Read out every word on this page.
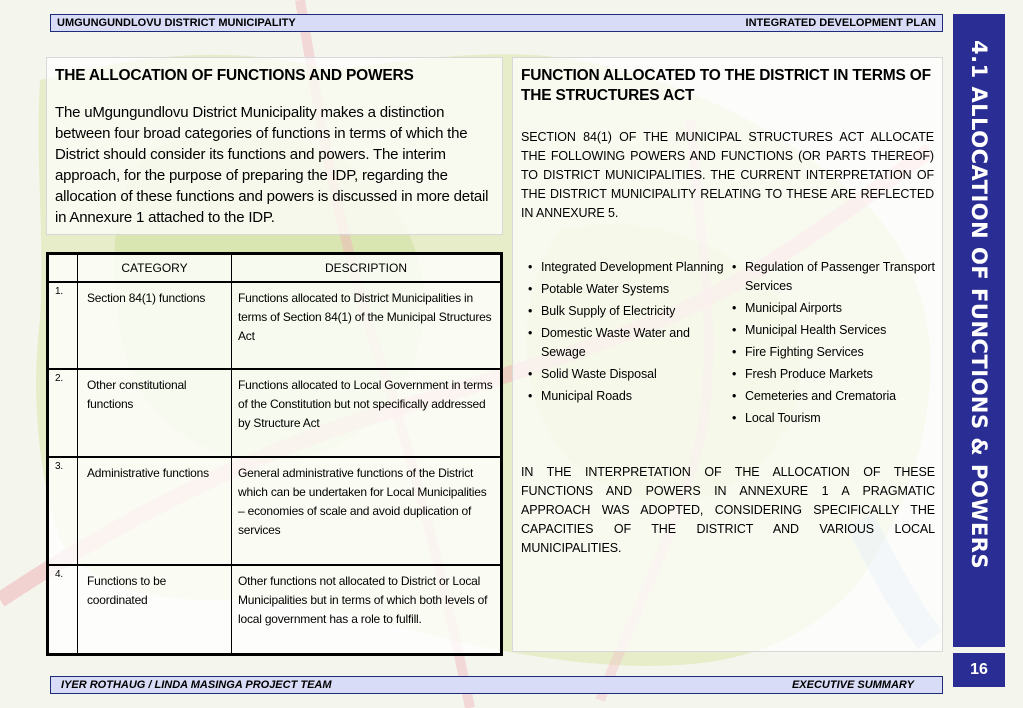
UMGUNGUNDLOVU DISTRICT MUNICIPALITY	INTEGRATED DEVELOPMENT PLAN
THE ALLOCATION OF FUNCTIONS AND POWERS
The uMgungundlovu District Municipality makes a distinction between four broad categories of functions in terms of which the District should consider its functions and powers. The interim approach, for the purpose of preparing the IDP, regarding the allocation of these functions and powers is discussed in more detail in Annexure 1 attached to the IDP.
	CATEGORY	DESCRIPTION
1.	Section 84(1) functions	Functions allocated to District Municipalities in terms of Section 84(1) of the Municipal Structures Act
2.	Other constitutional functions	Functions allocated to Local Government in terms of the Constitution but not specifically addressed by Structure Act
3.	Administrative functions	General administrative functions of the District which can be undertaken for Local Municipalities – economies of scale and avoid duplication of services
4.	Functions to be coordinated	Other functions not allocated to District or Local Municipalities but in terms of which both levels of local government has a role to fulfill.
FUNCTION ALLOCATED TO THE DISTRICT IN TERMS OF THE STRUCTURES ACT
SECTION 84(1) OF THE MUNICIPAL STRUCTURES ACT ALLOCATE THE FOLLOWING POWERS AND FUNCTIONS (OR PARTS THEREOF) TO DISTRICT MUNICIPALITIES. THE CURRENT INTERPRETATION OF THE DISTRICT MUNICIPALITY RELATING TO THESE ARE REFLECTED IN ANNEXURE 5.
• Integrated Development Planning
• Potable Water Systems
• Bulk Supply of Electricity
• Domestic Waste Water and Sewage
• Solid Waste Disposal
• Municipal Roads
• Regulation of Passenger Transport Services
• Municipal Airports
• Municipal Health Services
• Fire Fighting Services
• Fresh Produce Markets
• Cemeteries and Crematoria
• Local Tourism
IN THE INTERPRETATION OF THE ALLOCATION OF THESE FUNCTIONS AND POWERS IN ANNEXURE 1 A PRAGMATIC APPROACH WAS ADOPTED, CONSIDERING SPECIFICALLY THE CAPACITIES OF THE DISTRICT AND VARIOUS LOCAL MUNICIPALITIES.	4.1 ALLOCATION OF FUNCTIONS & POWERS
16
IYER ROTHAUG / LINDA MASINGA PROJECT TEAM	EXECUTIVE SUMMARY
